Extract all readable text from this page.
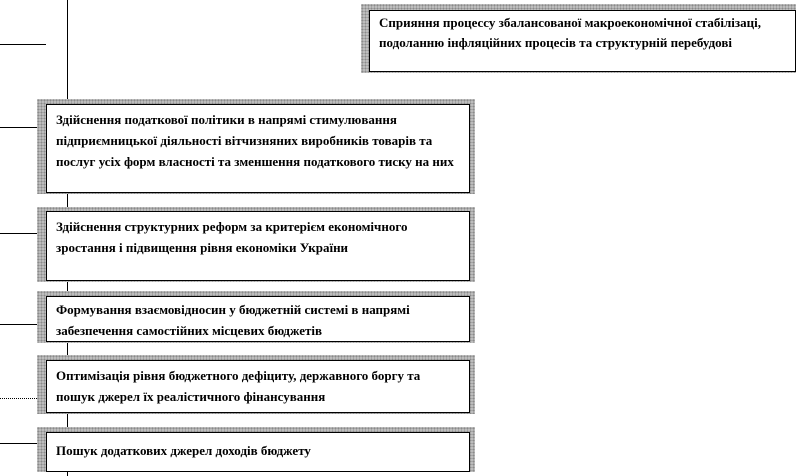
Сприяння процессу збалансованої макроекономічної стабілізаці, подоланню інфляційних процесів та структурній перебудові
Здійснення податкової політики в напрямі стимулювання підприємницької діяльності вітчизняних виробників товарів та послуг усіх форм власності та зменшення податкового тиску на них
Здійснення структурних реформ за критерієм економічного зростання і підвищення рівня економіки України
Формування взаємовідносин у бюджетній системі в напрямі забезпечення самостійних місцевих бюджетів
Оптимізація рівня бюджетного дефіциту, державного боргу та пошук джерел їх реалістичного фінансування
Пошук додаткових джерел доходів бюджету
